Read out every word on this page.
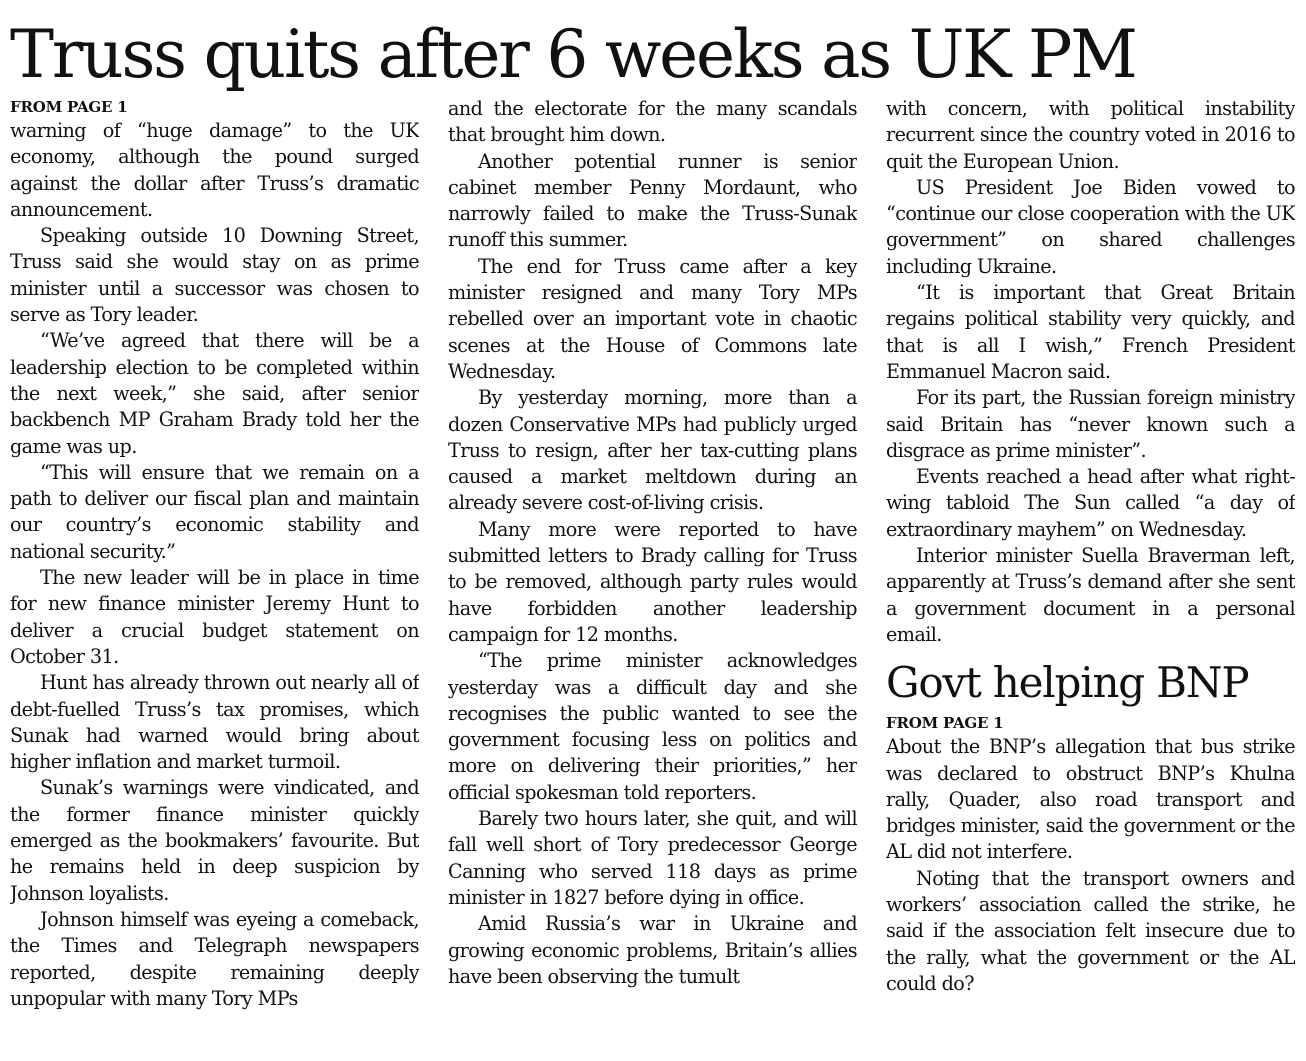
Truss quits after 6 weeks as UK PM
FROM PAGE 1

warning of “huge damage” to the UK economy, although the pound surged against the dollar after Truss’s dramatic announcement.

Speaking outside 10 Downing Street, Truss said she would stay on as prime minister until a successor was chosen to serve as Tory leader.

“We’ve agreed that there will be a leadership election to be completed within the next week,” she said, after senior backbench MP Graham Brady told her the game was up.

“This will ensure that we remain on a path to deliver our fiscal plan and maintain our country’s economic stability and national security.”

The new leader will be in place in time for new finance minister Jeremy Hunt to deliver a crucial budget statement on October 31.

Hunt has already thrown out nearly all of debt-fuelled Truss’s tax promises, which Sunak had warned would bring about higher inflation and market turmoil.

Sunak’s warnings were vindicated, and the former finance minister quickly emerged as the bookmakers’ favourite. But he remains held in deep suspicion by Johnson loyalists.

Johnson himself was eyeing a comeback, the Times and Telegraph newspapers reported, despite remaining deeply unpopular with many Tory MPs

and the electorate for the many scandals that brought him down.

Another potential runner is senior cabinet member Penny Mordaunt, who narrowly failed to make the Truss-Sunak runoff this summer.

The end for Truss came after a key minister resigned and many Tory MPs rebelled over an important vote in chaotic scenes at the House of Commons late Wednesday.

By yesterday morning, more than a dozen Conservative MPs had publicly urged Truss to resign, after her tax-cutting plans caused a market meltdown during an already severe cost-of-living crisis.

Many more were reported to have submitted letters to Brady calling for Truss to be removed, although party rules would have forbidden another leadership campaign for 12 months.

“The prime minister acknowledges yesterday was a difficult day and she recognises the public wanted to see the government focusing less on politics and more on delivering their priorities,” her official spokesman told reporters.

Barely two hours later, she quit, and will fall well short of Tory predecessor George Canning who served 118 days as prime minister in 1827 before dying in office.

Amid Russia’s war in Ukraine and growing economic problems, Britain’s allies have been observing the tumult

with concern, with political instability recurrent since the country voted in 2016 to quit the European Union.

US President Joe Biden vowed to “continue our close cooperation with the UK government” on shared challenges including Ukraine.

“It is important that Great Britain regains political stability very quickly, and that is all I wish,” French President Emmanuel Macron said.

For its part, the Russian foreign ministry said Britain has “never known such a disgrace as prime minister”.

Events reached a head after what right-wing tabloid The Sun called “a day of extraordinary mayhem” on Wednesday.

Interior minister Suella Braverman left, apparently at Truss’s demand after she sent a government document in a personal email.

Govt helping BNP
FROM PAGE 1

About the BNP’s allegation that bus strike was declared to obstruct BNP’s Khulna rally, Quader, also road transport and bridges minister, said the government or the AL did not interfere.

Noting that the transport owners and workers’ association called the strike, he said if the association felt insecure due to the rally, what the government or the AL could do?
